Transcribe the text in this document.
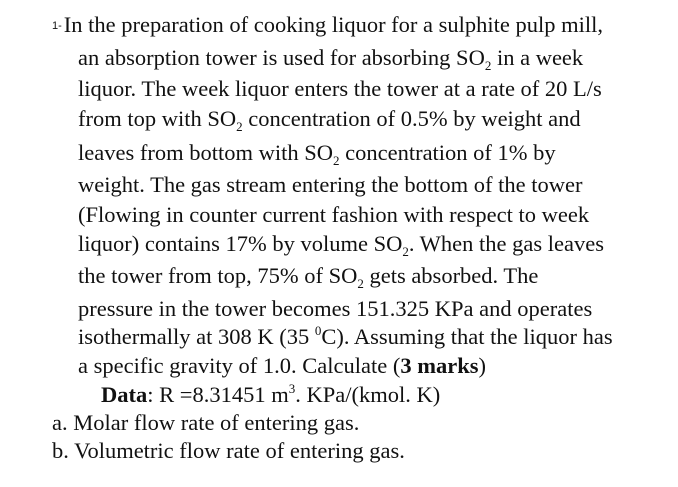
1-In the preparation of cooking liquor for a sulphite pulp mill,
an absorption tower is used for absorbing $SO_2$ in a week
liquor. The week liquor enters the tower at a rate of 20 L/s
from top with $SO_2$ concentration of 0.5% by weight and
leaves from bottom with $SO_2$ concentration of 1% by
weight. The gas stream entering the bottom of the tower
(Flowing in counter current fashion with respect to week
liquor) contains 17% by volume $SO_2$. When the gas leaves
the tower from top, 75% of $SO_2$ gets absorbed. The
pressure in the tower becomes 151.325 KPa and operates
isothermally at 308 K (35 $^0$C). Assuming that the liquor has
a specific gravity of 1.0. Calculate (3 marks)
Data: R =8.31451 $m^3$. KPa/(kmol. K)
a. Molar flow rate of entering gas.
b. Volumetric flow rate of entering gas.
